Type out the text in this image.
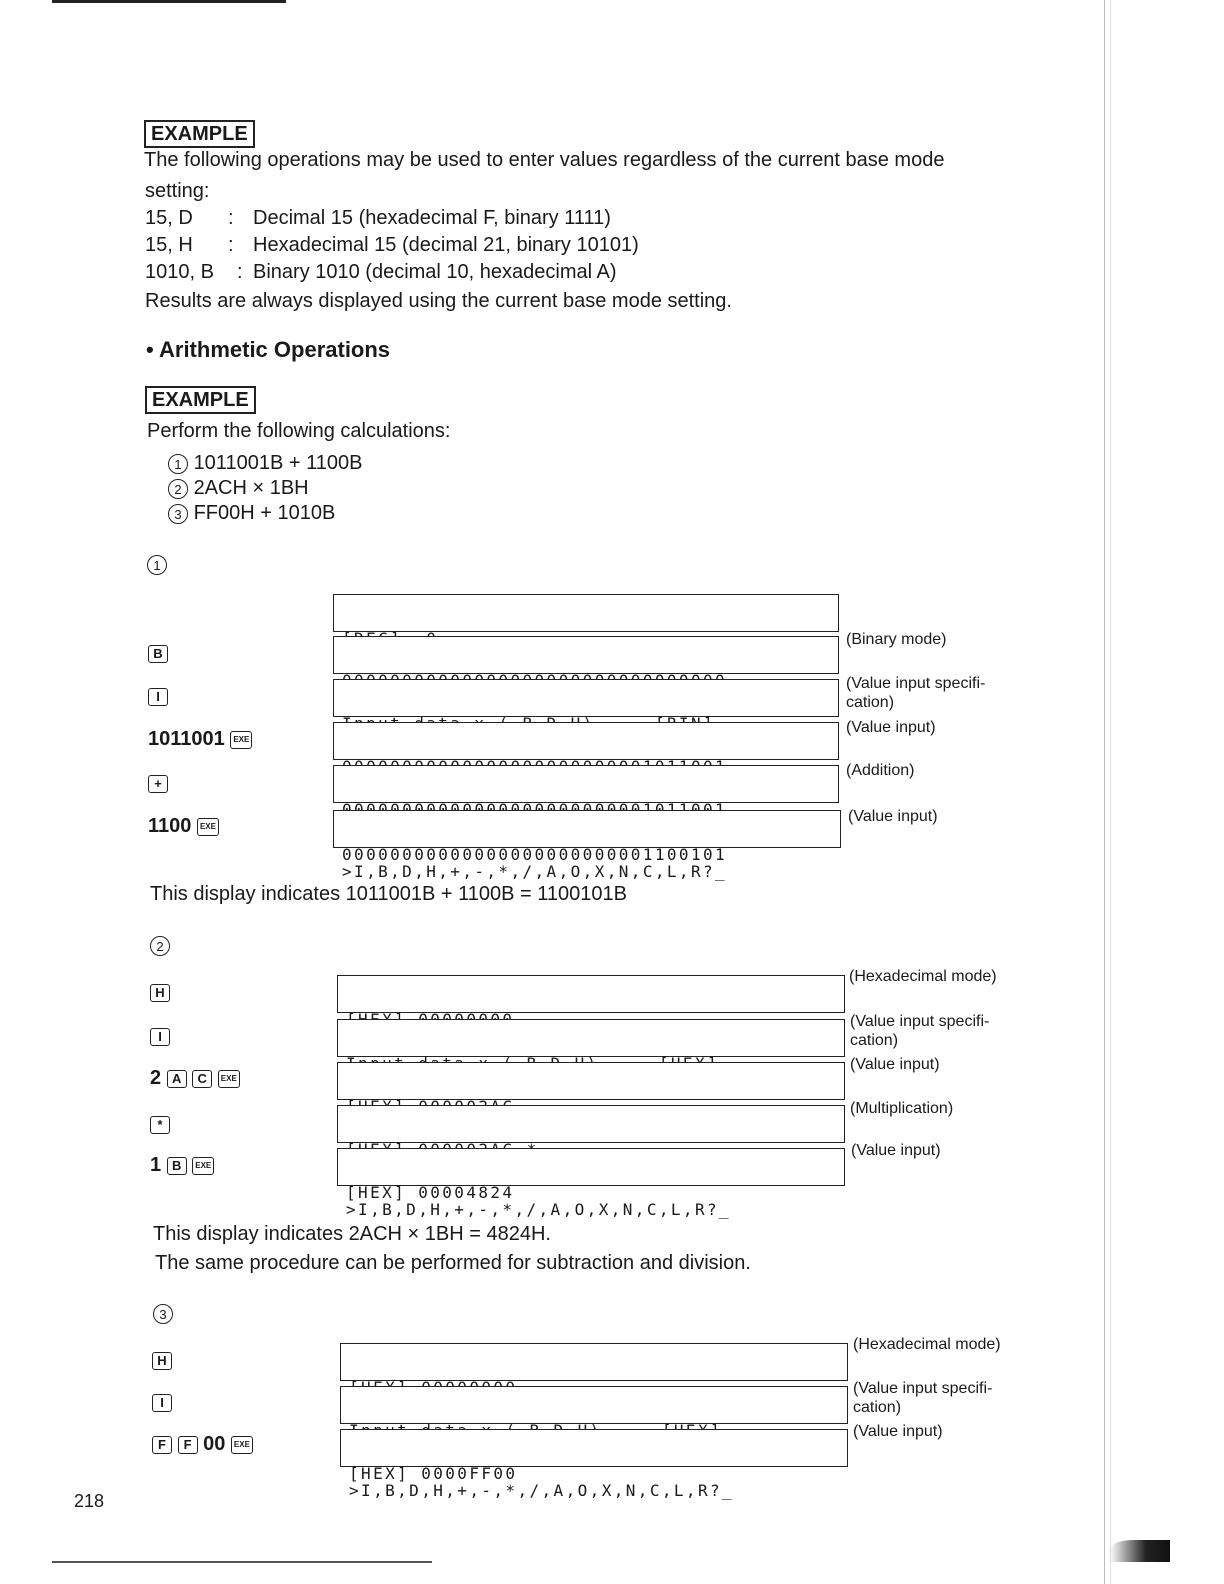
EXAMPLE
The following operations may be used to enter values regardless of the current base mode
setting:
15, D : Decimal 15 (hexadecimal F, binary 1111)
15, H : Hexadecimal 15 (decimal 21, binary 10101)
1010, B : Binary 1010 (decimal 10, hexadecimal A)
Results are always displayed using the current base mode setting.
• Arithmetic Operations
EXAMPLE
Perform the following calculations:
1 1011001B + 1100B
2 2ACH × 1BH
3 FF00H + 1010B
1

B

(Binary mode)
I

(Value input specifi-
cation)
1011001 EXE

(Value input)
+

(Addition)
1100 EXE

00000000000000000000000001100101
>I,B,D,H,+,-,*,/,A,O,X,N,C,L,R?_

(Value input)
This display indicates 1011001B + 1100B = 1100101B
2
H

(Hexadecimal mode)
I

(Value input specifi-
cation)
2 A C EXE

(Value input)
*

(Multiplication)
1 B EXE

[HEX] 00004824
>I,B,D,H,+,-,*,/,A,O,X,N,C,L,R?_

(Value input)
This display indicates 2ACH × 1BH = 4824H.
The same procedure can be performed for subtraction and division.
3
H

(Hexadecimal mode)
I

(Value input specifi-
cation)
F F 00 EXE

[HEX] 0000FF00
>I,B,D,H,+,-,*,/,A,O,X,N,C,L,R?_

(Value input)
218
